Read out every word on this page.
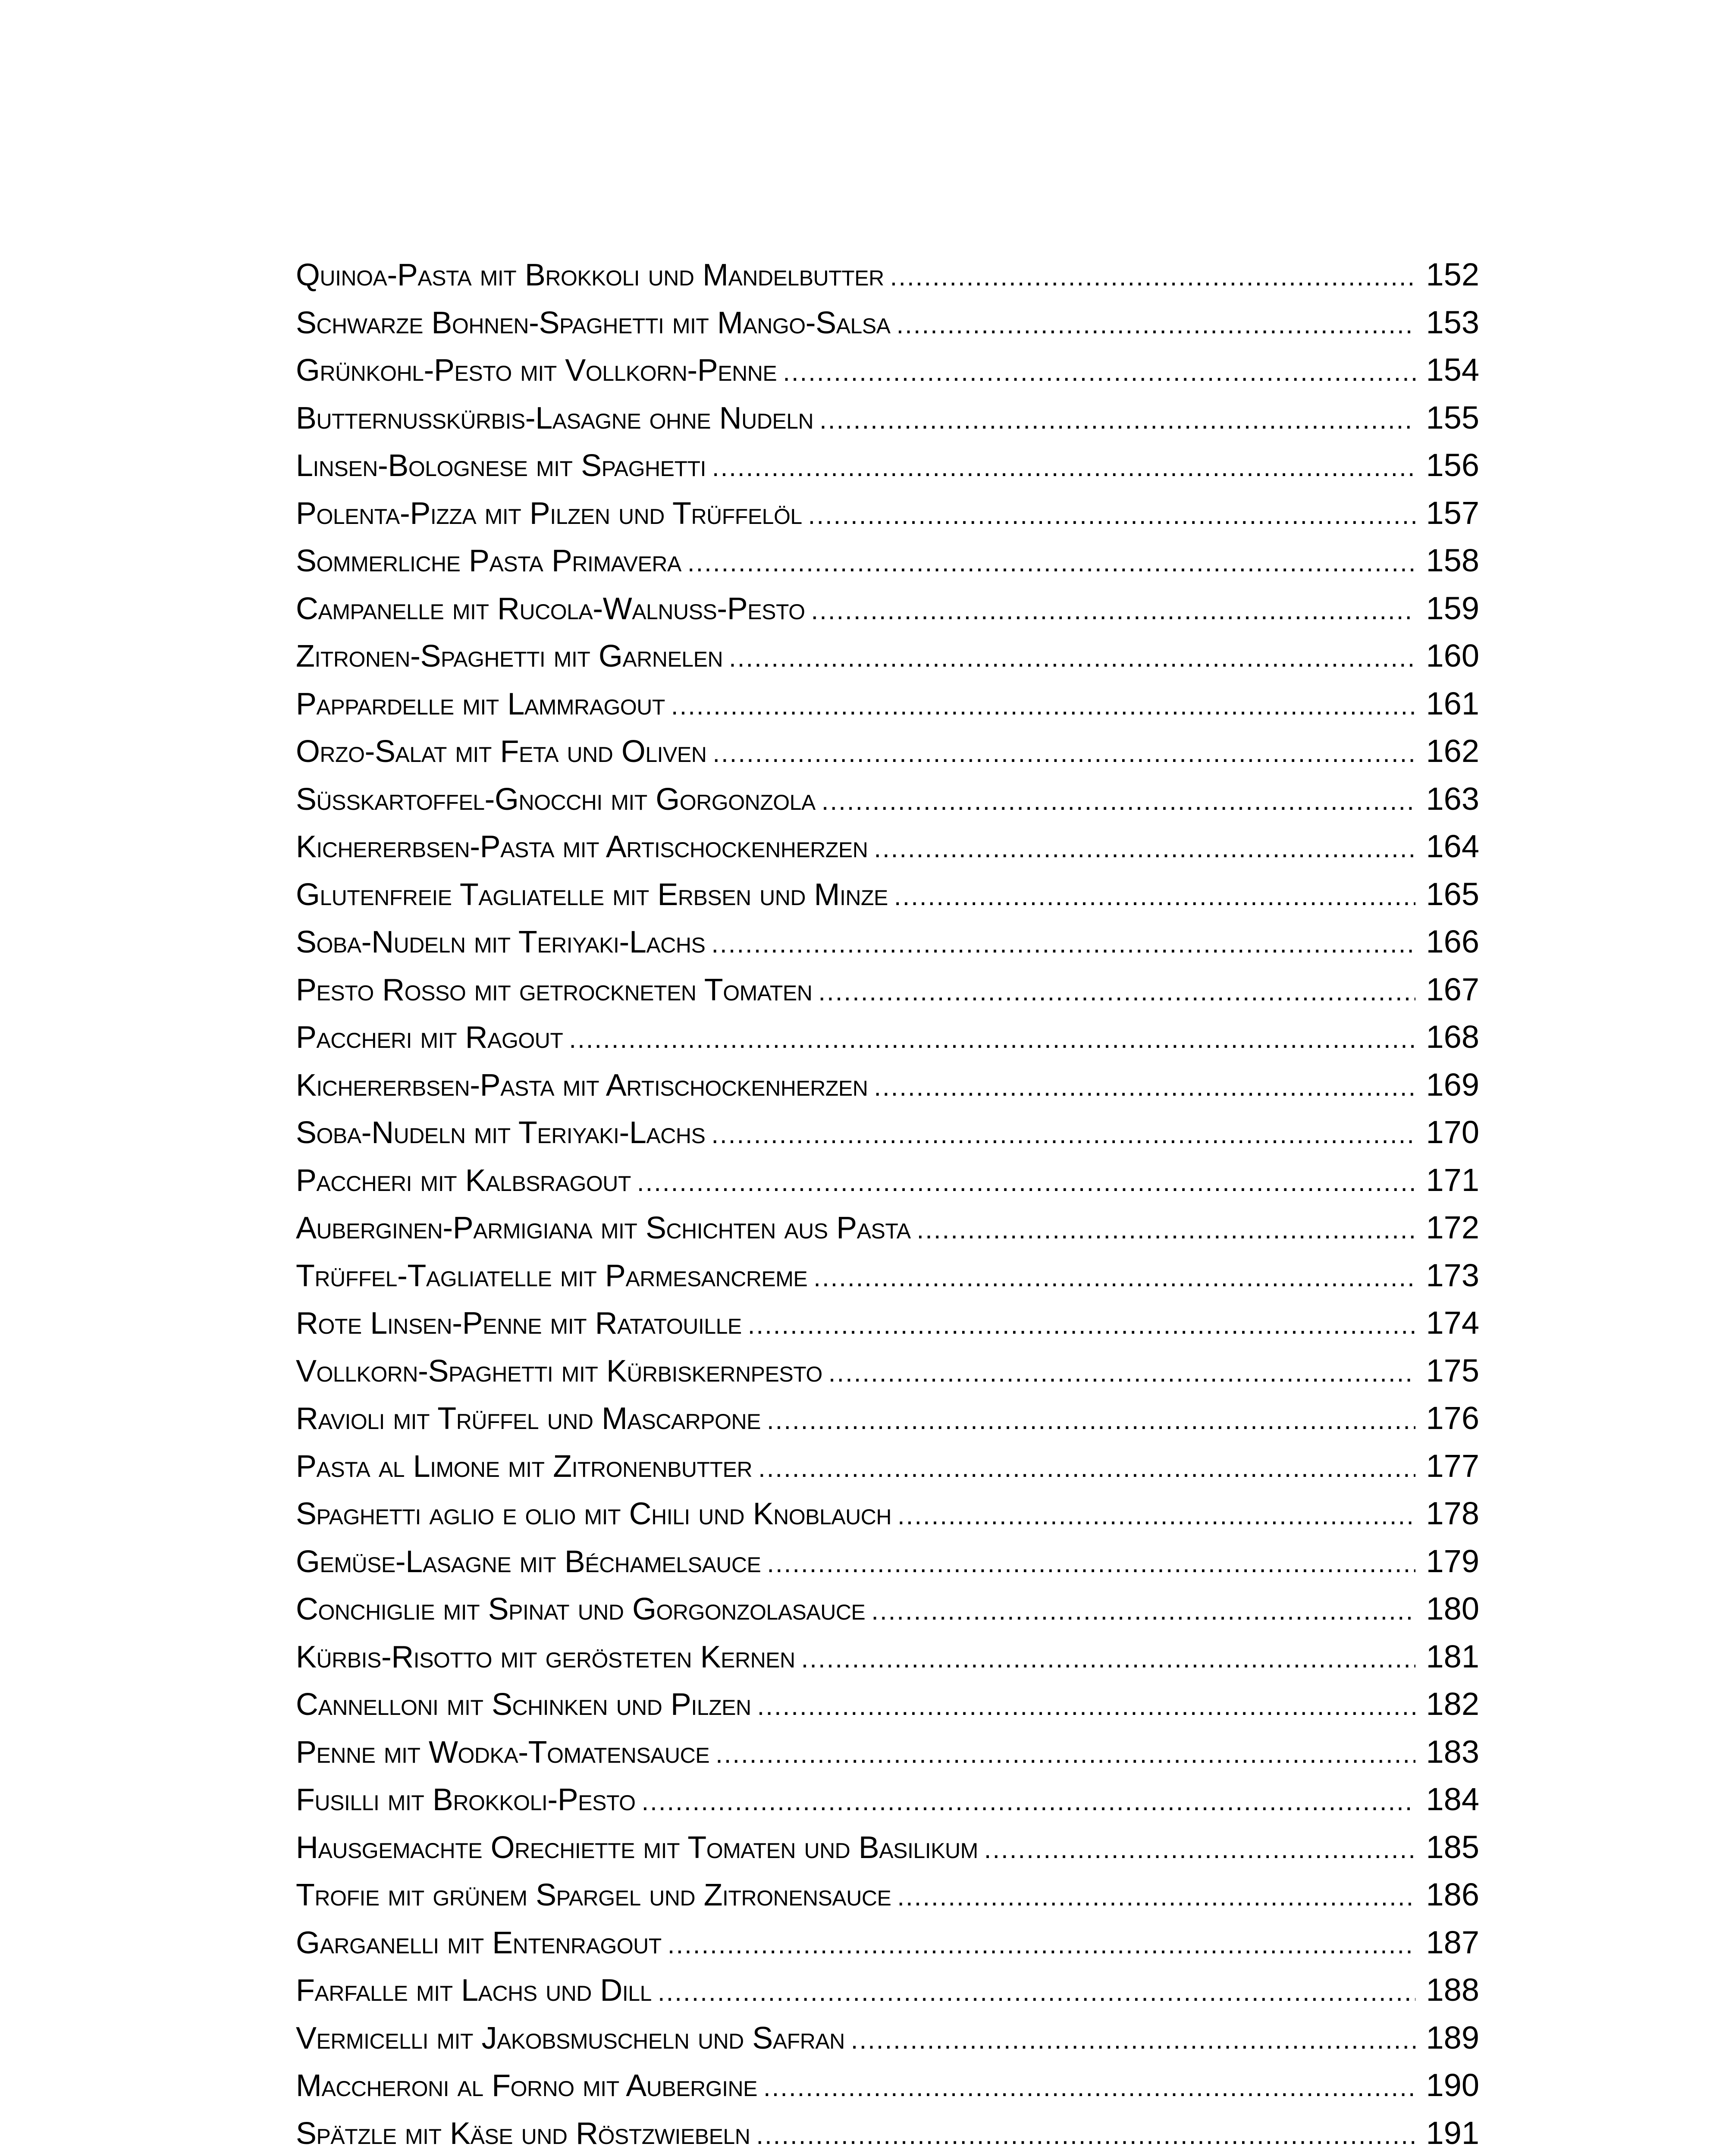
Quinoa-Pasta mit Brokkoli und Mandelbutter .....	152
Schwarze Bohnen-Spaghetti mit Mango-Salsa .....	153
Grünkohl-Pesto mit Vollkorn-Penne .....	154
Butternusskürbis-Lasagne ohne Nudeln .....	155
Linsen-Bolognese mit Spaghetti .....	156
Polenta-Pizza mit Pilzen und Trüffelöl .....	157
Sommerliche Pasta Primavera .....	158
Campanelle mit Rucola-Walnuss-Pesto .....	159
Zitronen-Spaghetti mit Garnelen .....	160
Pappardelle mit Lammragout .....	161
Orzo-Salat mit Feta und Oliven .....	162
Süßkartoffel-Gnocchi mit Gorgonzola .....	163
Kichererbsen-Pasta mit Artischockenherzen .....	164
Glutenfreie Tagliatelle mit Erbsen und Minze .....	165
Soba-Nudeln mit Teriyaki-Lachs .....	166
Pesto Rosso mit getrockneten Tomaten .....	167
Paccheri mit Ragout .....	168
Kichererbsen-Pasta mit Artischockenherzen .....	169
Soba-Nudeln mit Teriyaki-Lachs .....	170
Paccheri mit Kalbsragout .....	171
Auberginen-Parmigiana mit Schichten aus Pasta .....	172
Trüffel-Tagliatelle mit Parmesancreme .....	173
Rote Linsen-Penne mit Ratatouille .....	174
Vollkorn-Spaghetti mit Kürbiskernpesto .....	175
Ravioli mit Trüffel und Mascarpone .....	176
Pasta al Limone mit Zitronenbutter .....	177
Spaghetti aglio e olio mit Chili und Knoblauch .....	178
Gemüse-Lasagne mit Béchamelsauce .....	179
Conchiglie mit Spinat und Gorgonzolasauce .....	180
Kürbis-Risotto mit gerösteten Kernen .....	181
Cannelloni mit Schinken und Pilzen .....	182
Penne mit Wodka-Tomatensauce .....	183
Fusilli mit Brokkoli-Pesto .....	184
Hausgemachte Orechiette mit Tomaten und Basilikum .....	185
Trofie mit grünem Spargel und Zitronensauce .....	186
Garganelli mit Entenragout .....	187
Farfalle mit Lachs und Dill .....	188
Vermicelli mit Jakobsmuscheln und Safran .....	189
Maccheroni al Forno mit Aubergine .....	190
Spätzle mit Käse und Röstzwiebeln .....	191
